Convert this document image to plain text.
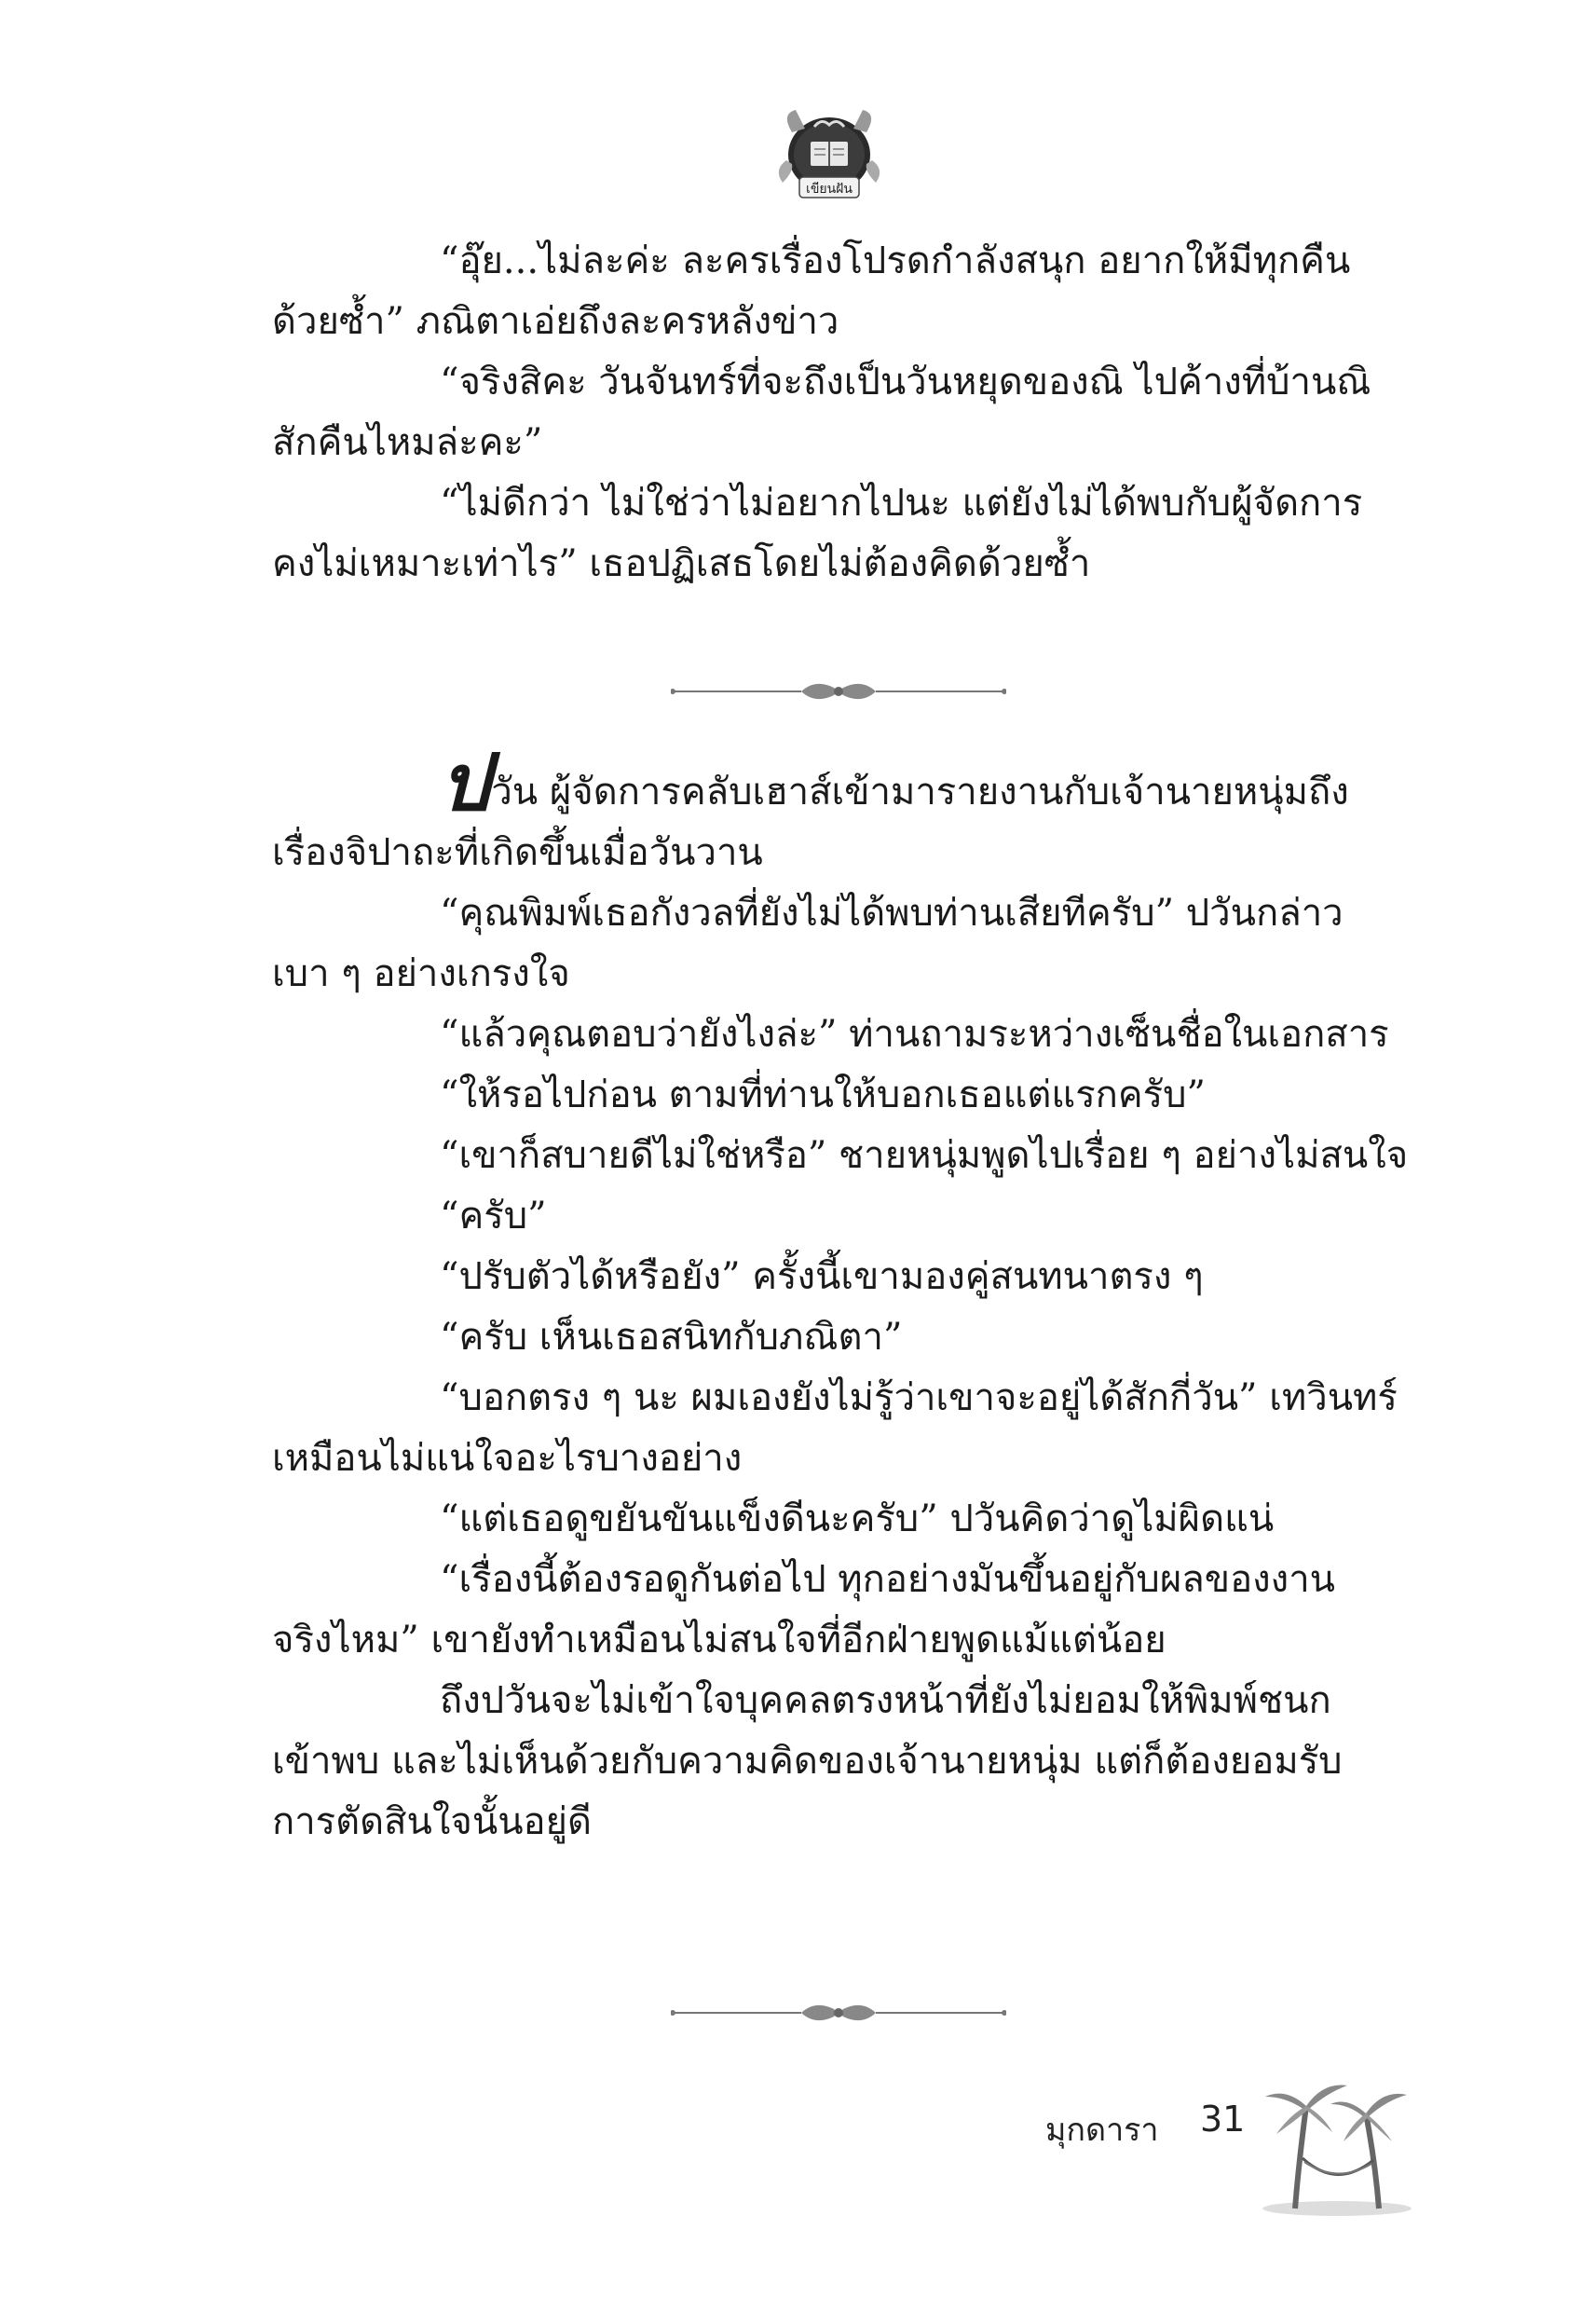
เขียนฝัน
“อุ๊ย...ไม่ละค่ะ ละครเรื่องโปรดกำลังสนุก อยากให้มีทุกคืน
ด้วยซ้ำ” ภณิตาเอ่ยถึงละครหลังข่าว
“จริงสิคะ วันจันทร์ที่จะถึงเป็นวันหยุดของณิ ไปค้างที่บ้านณิ
สักคืนไหมล่ะคะ”
“ไม่ดีกว่า ไม่ใช่ว่าไม่อยากไปนะ แต่ยังไม่ได้พบกับผู้จัดการ
คงไม่เหมาะเท่าไร” เธอปฏิเสธโดยไม่ต้องคิดด้วยซ้ำ
ปวัน ผู้จัดการคลับเฮาส์เข้ามารายงานกับเจ้านายหนุ่มถึง
เรื่องจิปาถะที่เกิดขึ้นเมื่อวันวาน
“คุณพิมพ์เธอกังวลที่ยังไม่ได้พบท่านเสียทีครับ” ปวันกล่าว
เบา ๆ อย่างเกรงใจ
“แล้วคุณตอบว่ายังไงล่ะ” ท่านถามระหว่างเซ็นชื่อในเอกสาร
“ให้รอไปก่อน ตามที่ท่านให้บอกเธอแต่แรกครับ”
“เขาก็สบายดีไม่ใช่หรือ” ชายหนุ่มพูดไปเรื่อย ๆ อย่างไม่สนใจ
“ครับ”
“ปรับตัวได้หรือยัง” ครั้งนี้เขามองคู่สนทนาตรง ๆ
“ครับ เห็นเธอสนิทกับภณิตา”
“บอกตรง ๆ นะ ผมเองยังไม่รู้ว่าเขาจะอยู่ได้สักกี่วัน” เทวินทร์
เหมือนไม่แน่ใจอะไรบางอย่าง
“แต่เธอดูขยันขันแข็งดีนะครับ” ปวันคิดว่าดูไม่ผิดแน่
“เรื่องนี้ต้องรอดูกันต่อไป ทุกอย่างมันขึ้นอยู่กับผลของงาน
จริงไหม” เขายังทำเหมือนไม่สนใจที่อีกฝ่ายพูดแม้แต่น้อย
ถึงปวันจะไม่เข้าใจบุคคลตรงหน้าที่ยังไม่ยอมให้พิมพ์ชนก
เข้าพบ และไม่เห็นด้วยกับความคิดของเจ้านายหนุ่ม แต่ก็ต้องยอมรับ
การตัดสินใจนั้นอยู่ดี
มุกดารา 31
